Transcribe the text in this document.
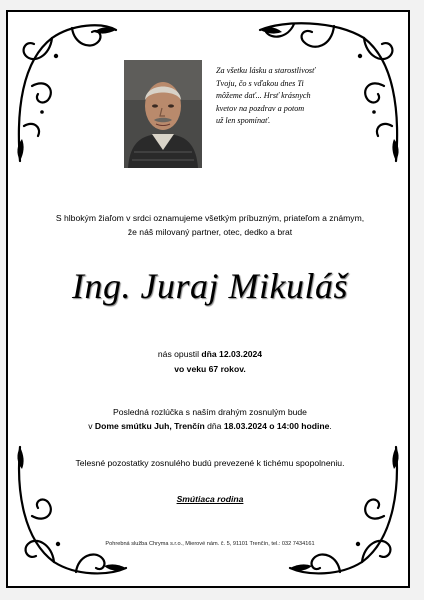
Za všetku lásku a starostlivosť
Tvoju, čo s vďakou dnes Ti
môžeme dať... Hrsť krásnych
kvetov na pozdrav a potom
už len spomínať.
S hlbokým žiaľom v srdci oznamujeme všetkým príbuzným, priateľom a známym,
že náš milovaný partner, otec, dedko a brat
Ing. Juraj Mikuláš
nás opustil dňa 12.03.2024
vo veku 67 rokov.
Posledná rozlúčka s naším drahým zosnulým bude
v Dome smútku Juh, Trenčín dňa 18.03.2024 o 14:00 hodine.
Telesné pozostatky zosnulého budú prevezené k tichému spopolneniu.
Smútiaca rodina
Pohrebná služba Chryma s.r.o., Mierové nám. č. 5, 91101 Trenčín, tel.: 032 7434161
